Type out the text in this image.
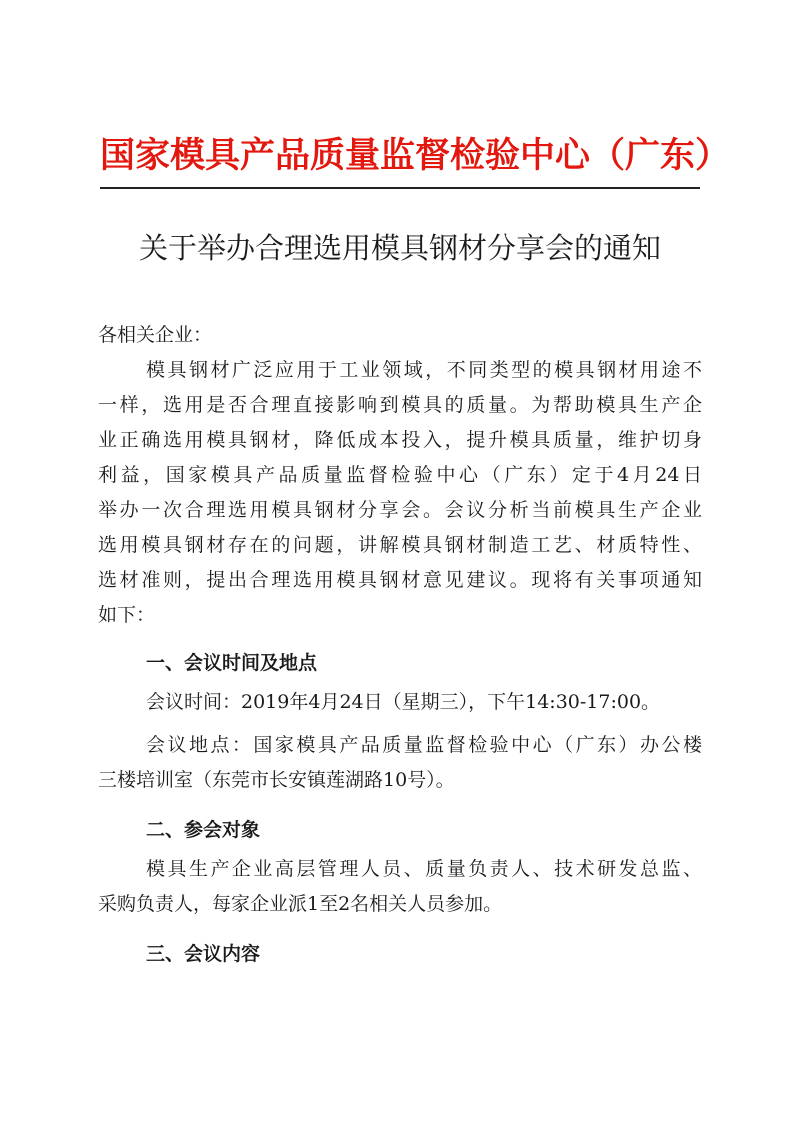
国家模具产品质量监督检验中心（广东）
关于举办合理选用模具钢材分享会的通知
各相关企业：
模具钢材广泛应用于工业领域，不同类型的模具钢材用途不
一样，选用是否合理直接影响到模具的质量。为帮助模具生产企
业正确选用模具钢材，降低成本投入，提升模具质量，维护切身
利益，国家模具产品质量监督检验中心（广东）定于4月24日
举办一次合理选用模具钢材分享会。会议分析当前模具生产企业
选用模具钢材存在的问题，讲解模具钢材制造工艺、材质特性、
选材准则，提出合理选用模具钢材意见建议。现将有关事项通知
如下：
一、会议时间及地点
会议时间：2019年4月24日（星期三），下午14:30-17:00。
会议地点：国家模具产品质量监督检验中心（广东）办公楼
三楼培训室（东莞市长安镇莲湖路10号）。
二、参会对象
模具生产企业高层管理人员、质量负责人、技术研发总监、
采购负责人，每家企业派1至2名相关人员参加。
三、会议内容
